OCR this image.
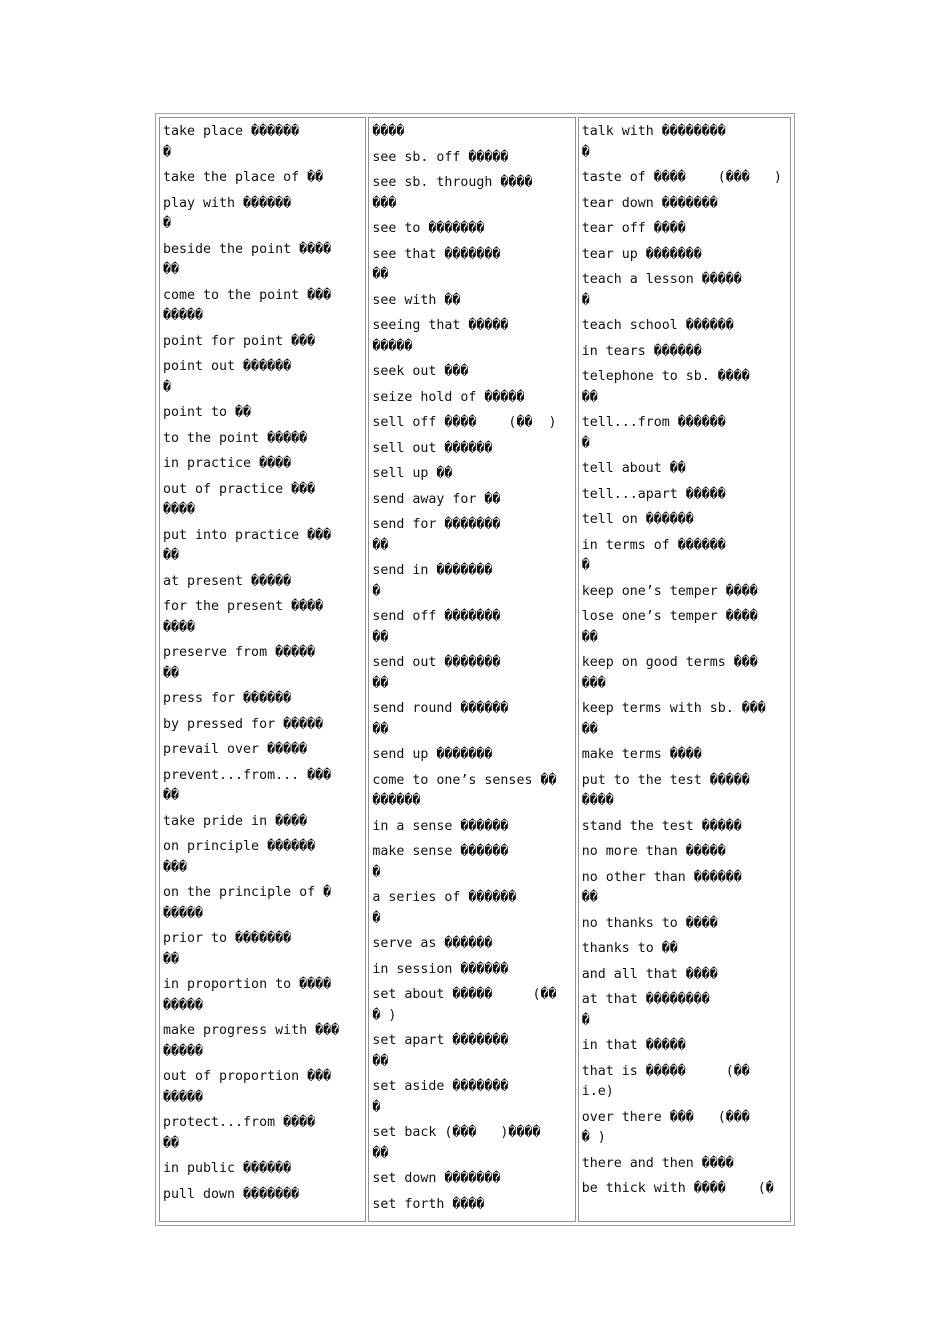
take place ������
�
take the place of ��
play with ������
�
beside the point ����
��
come to the point ���
�����
point for point ���
point out ������
�
point to ��
to the point �����
in practice ����
out of practice ���
����
put into practice ���
��
at present �����
for the present ����
����
preserve from �����
��
press for ������
by pressed for �����
prevail over �����
prevent...from... ���
��
take pride in ����
on principle ������
���
on the principle of �
�����
prior to �������
��
in proportion to ����
�����
make progress with ���
�����
out of proportion ���
�����
protect...from ����
��
in public ������
pull down �������
����
see sb. off �����
see sb. through ����
���
see to �������
see that �������
��
see with ��
seeing that �����
�����
seek out ���
seize hold of �����
sell off ����    (��  )
sell out ������
sell up ��
send away for ��
send for �������
��
send in �������
�
send off �������
��
send out �������
��
send round ������
��
send up �������
come to one’s senses ��
������
in a sense ������
make sense ������
�
a series of ������
�
serve as ������
in session ������
set about �����     (��
� )
set apart �������
��
set aside �������
�
set back (���   )����
��
set down �������
set forth ����
talk with ��������
�
taste of ����    (���   )
tear down �������
tear off ����
tear up �������
teach a lesson �����
�
teach school ������
in tears ������
telephone to sb. ����
��
tell...from ������
�
tell about ��
tell...apart �����
tell on ������
in terms of ������
�
keep one’s temper ����
lose one’s temper ����
��
keep on good terms ���
���
keep terms with sb. ���
��
make terms ����
put to the test �����
����
stand the test �����
no more than �����
no other than ������
��
no thanks to ����
thanks to ��
and all that ����
at that ��������
�
in that �����
that is �����     (��
i.e)
over there ���   (���
� )
there and then ����
be thick with ����    (�
